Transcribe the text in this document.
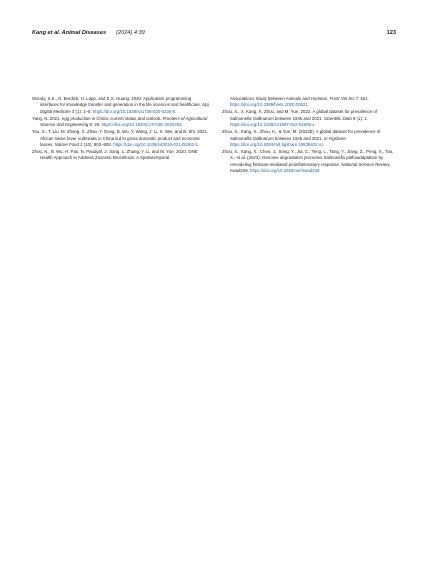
Kang et al. Animal Diseases (2024) 4:39	123

Woody, S.K., D. Burdick, H. Lapp, and E.S. Huang. 2020. Application programming interfaces for knowledge transfer and generation in the life sciences and healthcare. Npj Digital Medicine 3 (1): 1–5. https://doi.org/10.1038/s41746-020-0235-5.

Yang, N. 2021. egg production in China: current status and outlook. Frontiers of Agricultural Science and Engineering 8: 25. https://doi.org/10.15302/J-FASE-2020363.

You, S., T. Liu, M. Zhang, X. Zhao, Y. Dong, B. Wu, Y. Wang, J. Li, X. Wei, and B. Shi. 2021. African swine fever outbreaks in China led to gross domestic product and economic losses. Nature Food 2 (10): 802–808. https://doi.org/10.1038/s43016-021-00362-1.

Zhou, K., B. Wu, H. Pan, N. Paudyal, J. Jiang, L. Zhang, Y. Li, and M. Yue. 2020. ONE Health Approach to Address Zoonotic Brucellosis: A Spatiotemporal

Associations Study Between Animals and Humans. Front Vet Sci 7: 521. https://doi.org/10.3389/fvets.2020.00521.

Zhou, X., X. Kang, K. Zhou, and M. Yue. 2022. A global dataset for prevalence of Salmonella Gallinarum between 1945 and 2021. Scientific Data 9 (1): 1. https://doi.org/10.1038/s41597-022-01605-x.

Zhou, X., Kang, X., Zhou, K., & Yue, M. (2022b). A global dataset for prevalence of Salmonella Gallinarum between 1945 and 2021. In Figshare. https://doi.org/10.6084/m9.figshare.19539402.v1

Zhou, X., Kang, X., Chen, J., Song, Y., Jia, C., Teng, L., Tang, Y., Jiang, Z., Peng, X., Tao, X., et al. (2023). Genome degradation promotes Salmonella pathoadaptation by remodeling fimbriae-mediated proinflammatory response. National Science Review, nwad228. https://doi.org/10.1093/nsr/nwad228.
